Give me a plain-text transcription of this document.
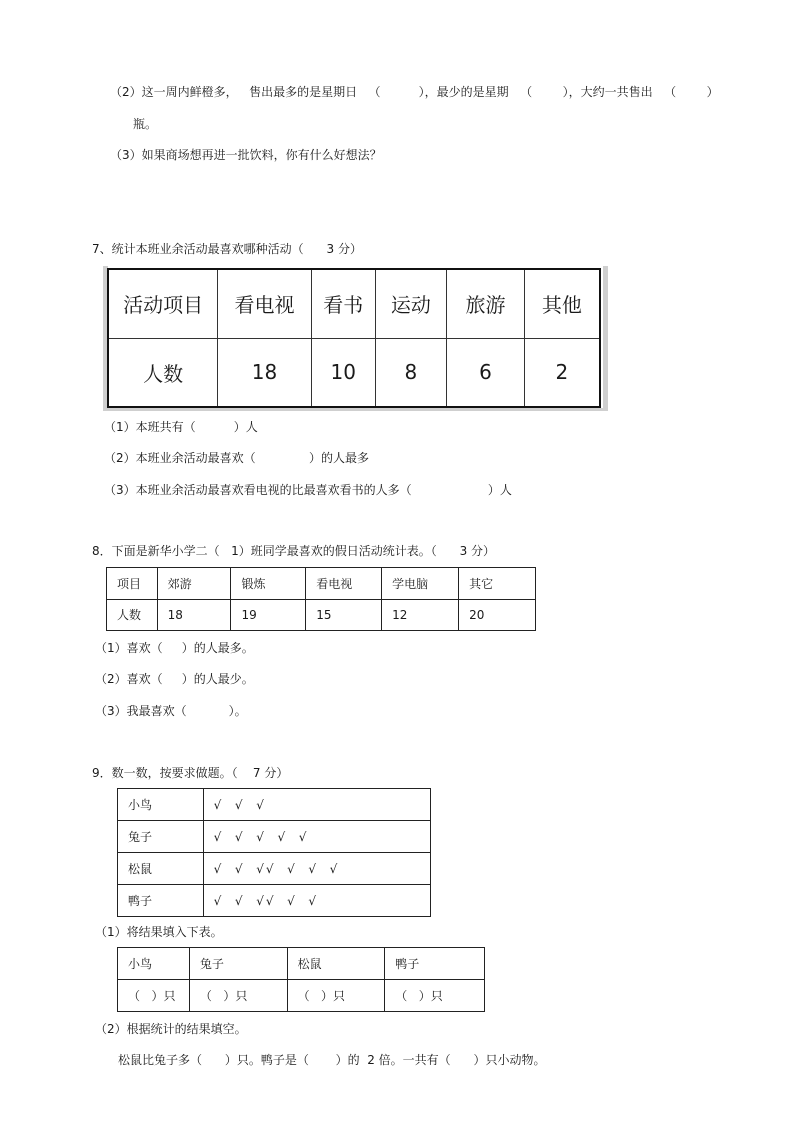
（2）这一周内鲜橙多，   售出最多的是星期日   （          ），最少的是星期   （        ），大约一共售出   （        ）
瓶。
（3）如果商场想再进一批饮料，你有什么好想法？
7、统计本班业余活动最喜欢哪种活动（      3 分）
活动项目	看电视	看书	运动	旅游	其他
人数	18	10	8	6	2
（1）本班共有（          ）人
（2）本班业余活动最喜欢（              ）的人最多
（3）本班业余活动最喜欢看电视的比最喜欢看书的人多（                    ）人
8．下面是新华小学二（   1）班同学最喜欢的假日活动统计表。（      3 分）
项目	郊游	锻炼	看电视	学电脑	其它
人数	18	19	15	12	20
（1）喜欢（     ）的人最多。
（2）喜欢（     ）的人最少。
（3）我最喜欢（           ）。
9．数一数，按要求做题。（    7 分）
小鸟	√  √  √
兔子	√  √  √  √  √
松鼠	√  √  √√  √  √  √
鸭子	√  √  √√  √  √
（1）将结果填入下表。
小鸟	兔子	松鼠	鸭子
（   ）只	（   ）只	（   ）只	（   ）只
（2）根据统计的结果填空。
松鼠比兔子多（      ）只。鸭子是（       ）的  2 倍。一共有（      ）只小动物。
